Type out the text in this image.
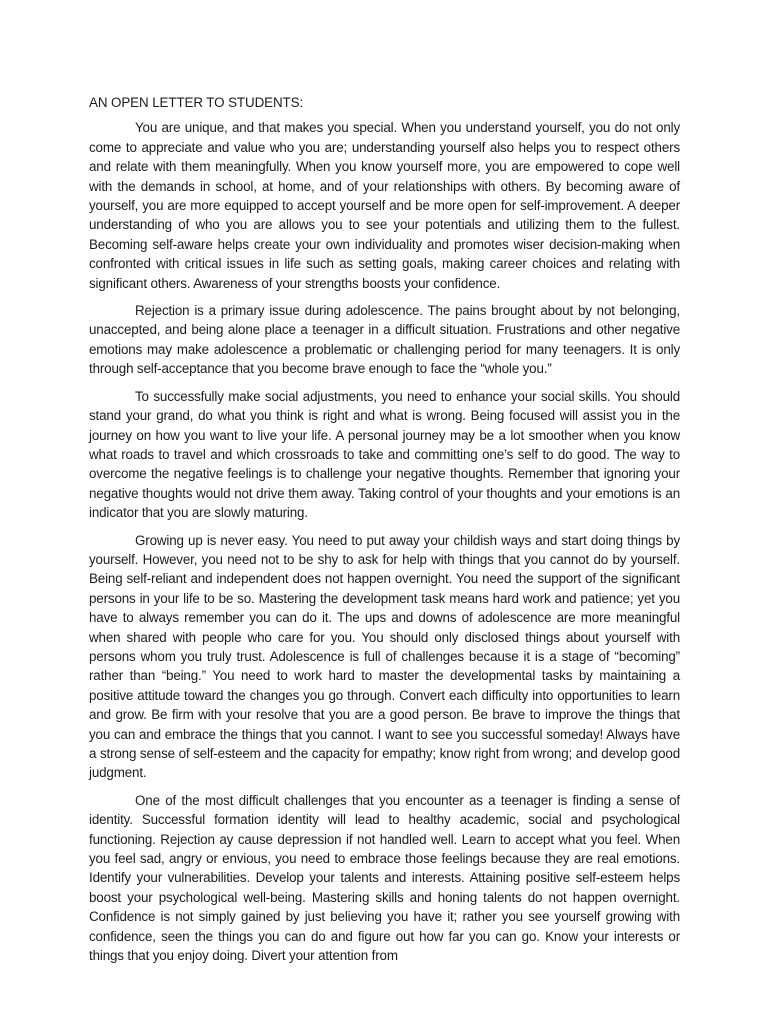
AN OPEN LETTER TO STUDENTS:

You are unique, and that makes you special. When you understand yourself, you do not only come to appreciate and value who you are; understanding yourself also helps you to respect others and relate with them meaningfully. When you know yourself more, you are empowered to cope well with the demands in school, at home, and of your relationships with others. By becoming aware of yourself, you are more equipped to accept yourself and be more open for self-improvement. A deeper understanding of who you are allows you to see your potentials and utilizing them to the fullest. Becoming self-aware helps create your own individuality and promotes wiser decision-making when confronted with critical issues in life such as setting goals, making career choices and relating with significant others. Awareness of your strengths boosts your confidence.

Rejection is a primary issue during adolescence. The pains brought about by not belonging, unaccepted, and being alone place a teenager in a difficult situation. Frustrations and other negative emotions may make adolescence a problematic or challenging period for many teenagers. It is only through self-acceptance that you become brave enough to face the “whole you.”

To successfully make social adjustments, you need to enhance your social skills. You should stand your grand, do what you think is right and what is wrong. Being focused will assist you in the journey on how you want to live your life. A personal journey may be a lot smoother when you know what roads to travel and which crossroads to take and committing one’s self to do good. The way to overcome the negative feelings is to challenge your negative thoughts. Remember that ignoring your negative thoughts would not drive them away. Taking control of your thoughts and your emotions is an indicator that you are slowly maturing.

Growing up is never easy. You need to put away your childish ways and start doing things by yourself. However, you need not to be shy to ask for help with things that you cannot do by yourself. Being self-reliant and independent does not happen overnight. You need the support of the significant persons in your life to be so. Mastering the development task means hard work and patience; yet you have to always remember you can do it. The ups and downs of adolescence are more meaningful when shared with people who care for you. You should only disclosed things about yourself with persons whom you truly trust. Adolescence is full of challenges because it is a stage of “becoming” rather than “being.” You need to work hard to master the developmental tasks by maintaining a positive attitude toward the changes you go through. Convert each difficulty into opportunities to learn and grow. Be firm with your resolve that you are a good person. Be brave to improve the things that you can and embrace the things that you cannot. I want to see you successful someday! Always have a strong sense of self-esteem and the capacity for empathy; know right from wrong; and develop good judgment.

One of the most difficult challenges that you encounter as a teenager is finding a sense of identity. Successful formation identity will lead to healthy academic, social and psychological functioning. Rejection ay cause depression if not handled well. Learn to accept what you feel. When you feel sad, angry or envious, you need to embrace those feelings because they are real emotions. Identify your vulnerabilities. Develop your talents and interests. Attaining positive self-esteem helps boost your psychological well-being. Mastering skills and honing talents do not happen overnight. Confidence is not simply gained by just believing you have it; rather you see yourself growing with confidence, seen the things you can do and figure out how far you can go. Know your interests or things that you enjoy doing. Divert your attention from
